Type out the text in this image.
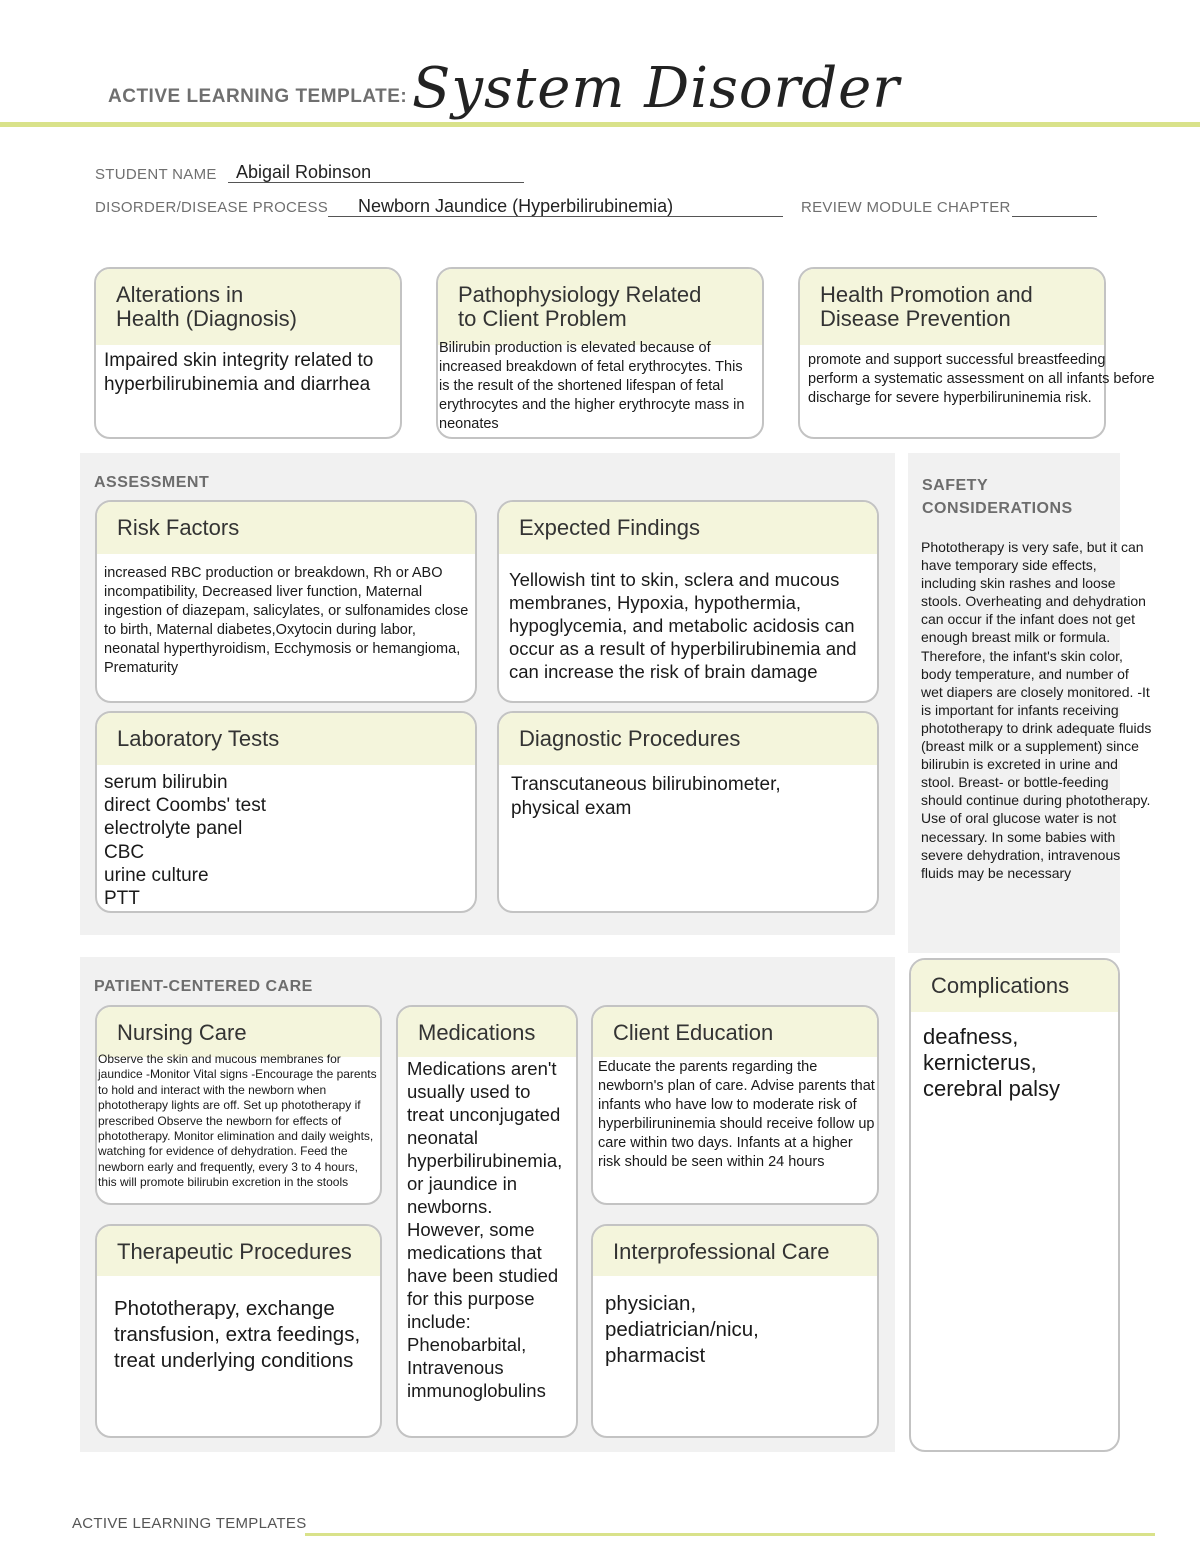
ACTIVE LEARNING TEMPLATE: System Disorder
STUDENT NAME	Abigail Robinson
DISORDER/DISEASE PROCESS	Newborn Jaundice (Hyperbilirubinemia)	REVIEW MODULE CHAPTER
Alterations in
Health (Diagnosis)
Impaired skin integrity related to hyperbilirubinemia and diarrhea
Pathophysiology Related
to Client Problem
Bilirubin production is elevated because of increased breakdown of fetal erythrocytes. This is the result of the shortened lifespan of fetal erythrocytes and the higher erythrocyte mass in neonates
Health Promotion and
Disease Prevention
promote and support successful breastfeeding
perform a systematic assessment on all infants before discharge for severe hyperbiliruninemia risk.
ASSESSMENT
Risk Factors
increased RBC production or breakdown, Rh or ABO incompatibility, Decreased liver function, Maternal ingestion of diazepam, salicylates, or sulfonamides close to birth, Maternal diabetes,Oxytocin during labor, neonatal hyperthyroidism, Ecchymosis or hemangioma, Prematurity
Expected Findings
Yellowish tint to skin, sclera and mucous membranes, Hypoxia, hypothermia, hypoglycemia, and metabolic acidosis can occur as a result of hyperbilirubinemia and can increase the risk of brain damage
Laboratory Tests
serum bilirubin
direct Coombs' test
electrolyte panel
CBC
urine culture
PTT
Diagnostic Procedures
Transcutaneous bilirubinometer, physical exam
SAFETY
CONSIDERATIONS
Phototherapy is very safe, but it can have temporary side effects, including skin rashes and loose stools. Overheating and dehydration can occur if the infant does not get enough breast milk or formula. Therefore, the infant's skin color, body temperature, and number of wet diapers are closely monitored. -It is important for infants receiving phototherapy to drink adequate fluids (breast milk or a supplement) since bilirubin is excreted in urine and stool. Breast- or bottle-feeding should continue during phototherapy. Use of oral glucose water is not necessary. In some babies with severe dehydration, intravenous fluids may be necessary
Complications
deafness,
kernicterus,
cerebral palsy
PATIENT-CENTERED CARE
Nursing Care
Observe the skin and mucous membranes for jaundice -Monitor Vital signs -Encourage the parents to hold and interact with the newborn when phototherapy lights are off. Set up phototherapy if prescribed Observe the newborn for effects of phototherapy. Monitor elimination and daily weights, watching for evidence of dehydration. Feed the newborn early and frequently, every 3 to 4 hours, this will promote bilirubin excretion in the stools
Medications
Medications aren't usually used to treat unconjugated neonatal hyperbilirubinemia, or jaundice in newborns. However, some medications that have been studied for this purpose include: Phenobarbital, Intravenous immunoglobulins
Client Education
Educate the parents regarding the newborn's plan of care. Advise parents that infants who have low to moderate risk of hyperbiliruninemia should receive follow up care within two days. Infants at a higher risk should be seen within 24 hours
Therapeutic Procedures
Phototherapy, exchange transfusion, extra feedings, treat underlying conditions
Interprofessional Care
physician,
pediatrician/nicu,
pharmacist
ACTIVE LEARNING TEMPLATES
